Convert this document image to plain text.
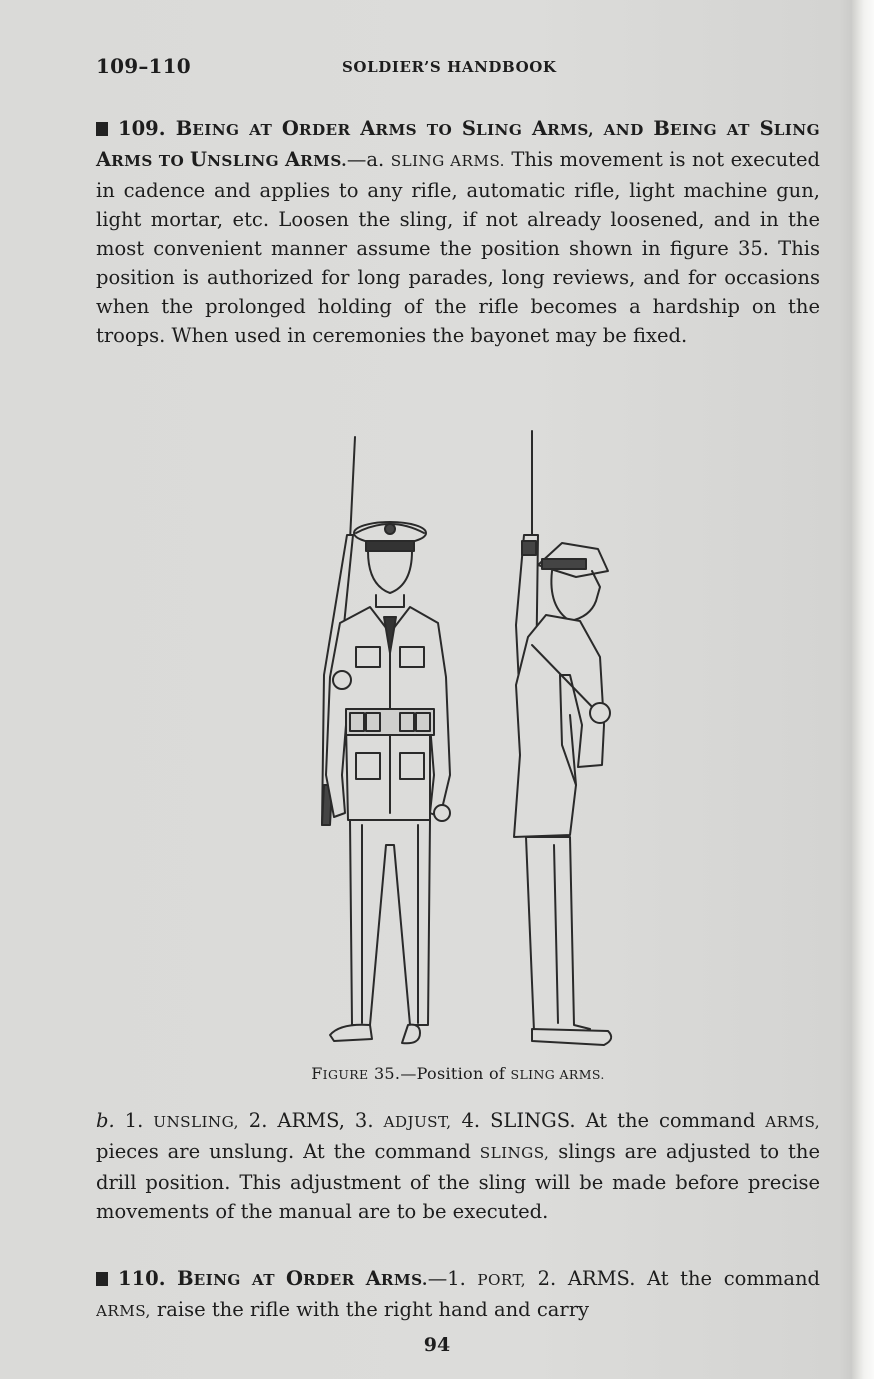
109–110	SOLDIER’S HANDBOOK

109. BEING AT ORDER ARMS TO SLING ARMS, AND BEING AT SLING ARMS TO UNSLING ARMS.—a. SLING ARMS. This movement is not executed in cadence and applies to any rifle, automatic rifle, light machine gun, light mortar, etc. Loosen the sling, if not already loosened, and in the most convenient manner assume the position shown in figure 35. This position is authorized for long parades, long reviews, and for occasions when the prolonged holding of the rifle becomes a hardship on the troops. When used in ceremonies the bayonet may be fixed.

FIGURE 35.—Position of SLING ARMS.

b. 1. UNSLING, 2. ARMS, 3. ADJUST, 4. SLINGS. At the command ARMS, pieces are unslung. At the command SLINGS, slings are adjusted to the drill position. This adjustment of the sling will be made before precise movements of the manual are to be executed.

110. BEING AT ORDER ARMS.—1. PORT, 2. ARMS. At the command ARMS, raise the rifle with the right hand and carry

94
